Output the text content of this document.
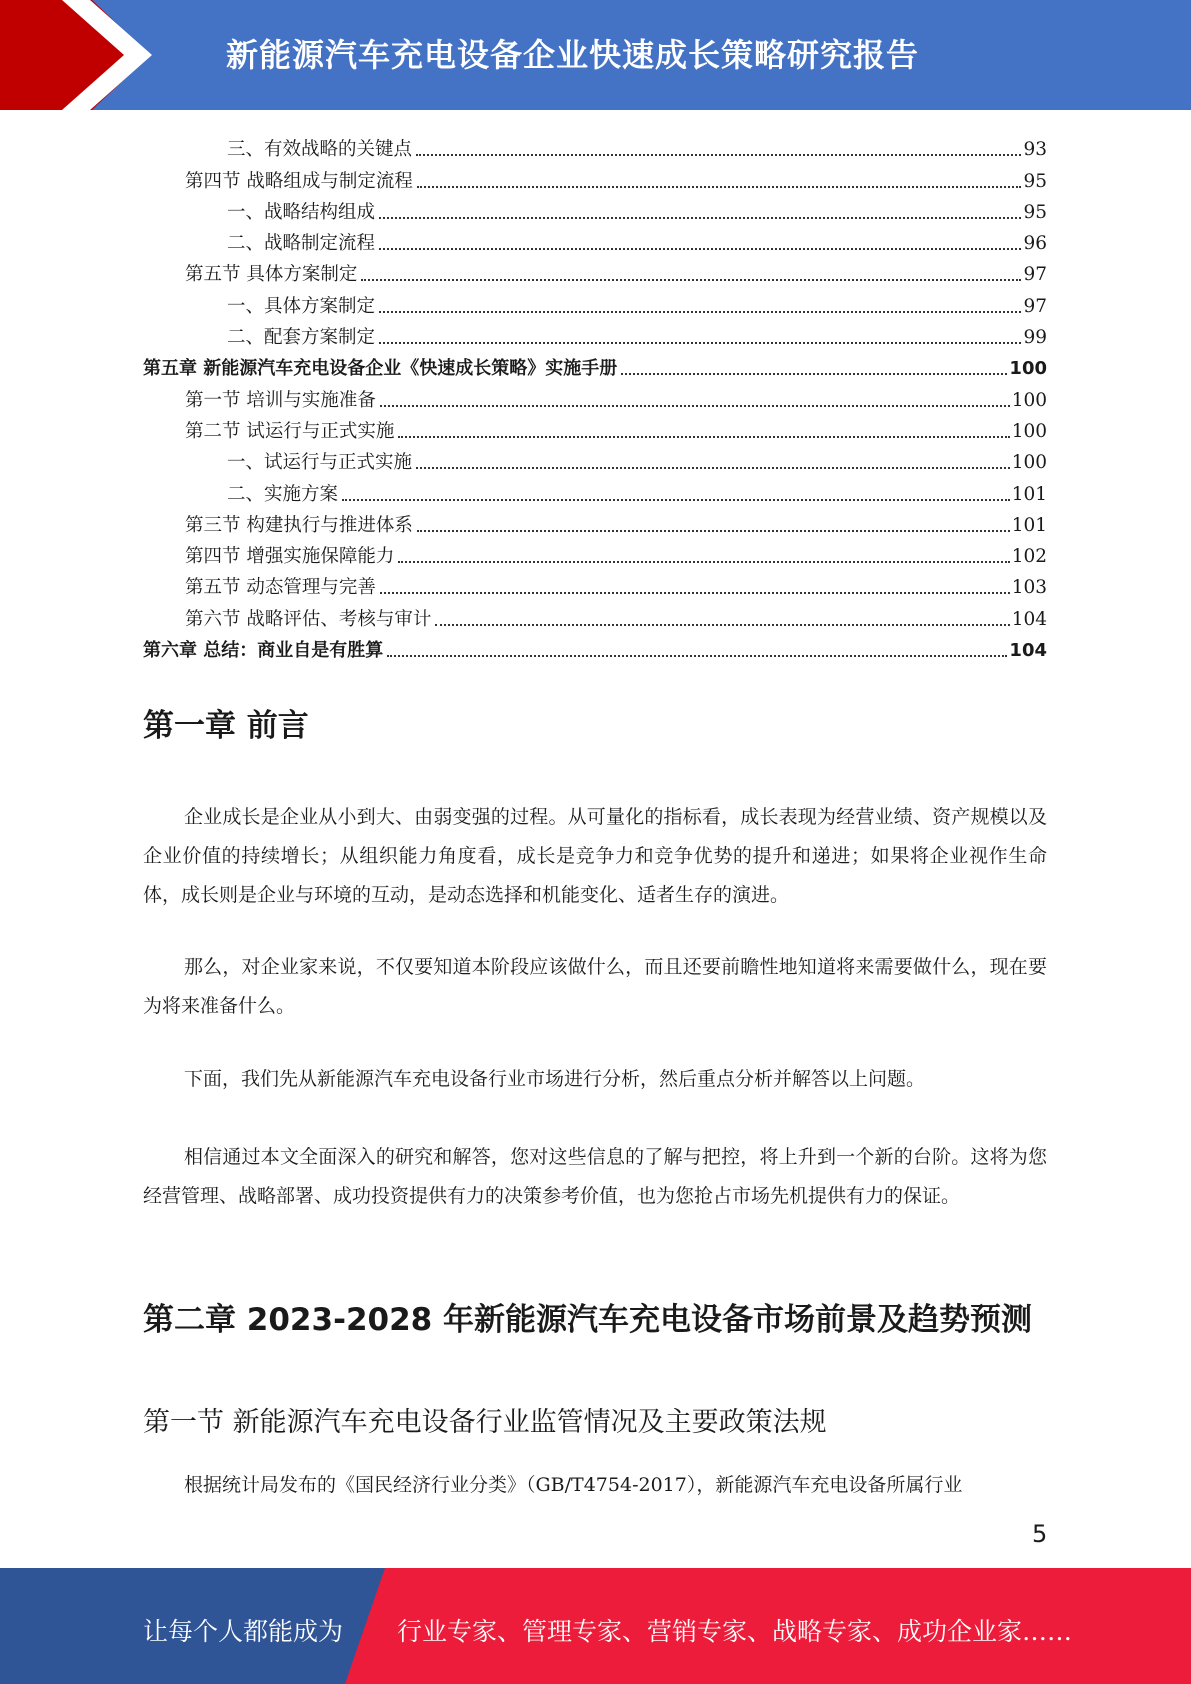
新能源汽车充电设备企业快速成长策略研究报告
三、有效战略的关键点	93
第四节 战略组成与制定流程	95
一、战略结构组成	95
二、战略制定流程	96
第五节 具体方案制定	97
一、具体方案制定	97
二、配套方案制定	99
第五章 新能源汽车充电设备企业《快速成长策略》实施手册	100
第一节 培训与实施准备	100
第二节 试运行与正式实施	100
一、试运行与正式实施	100
二、实施方案	101
第三节 构建执行与推进体系	101
第四节 增强实施保障能力	102
第五节 动态管理与完善	103
第六节 战略评估、考核与审计	104
第六章 总结：商业自是有胜算	104
第一章 前言
企业成长是企业从小到大、由弱变强的过程。从可量化的指标看，成长表现为经营业绩、资产规模以及企业价值的持续增长；从组织能力角度看，成长是竞争力和竞争优势的提升和递进；如果将企业视作生命体，成长则是企业与环境的互动，是动态选择和机能变化、适者生存的演进。
那么，对企业家来说，不仅要知道本阶段应该做什么，而且还要前瞻性地知道将来需要做什么，现在要为将来准备什么。
下面，我们先从新能源汽车充电设备行业市场进行分析，然后重点分析并解答以上问题。
相信通过本文全面深入的研究和解答，您对这些信息的了解与把控，将上升到一个新的台阶。这将为您经营管理、战略部署、成功投资提供有力的决策参考价值，也为您抢占市场先机提供有力的保证。
第二章 2023-2028 年新能源汽车充电设备市场前景及趋势预测
第一节 新能源汽车充电设备行业监管情况及主要政策法规
根据统计局发布的《国民经济行业分类》（GB/T4754-2017），新能源汽车充电设备所属行业
5
让每个人都能成为 行业专家、管理专家、营销专家、战略专家、成功企业家……
